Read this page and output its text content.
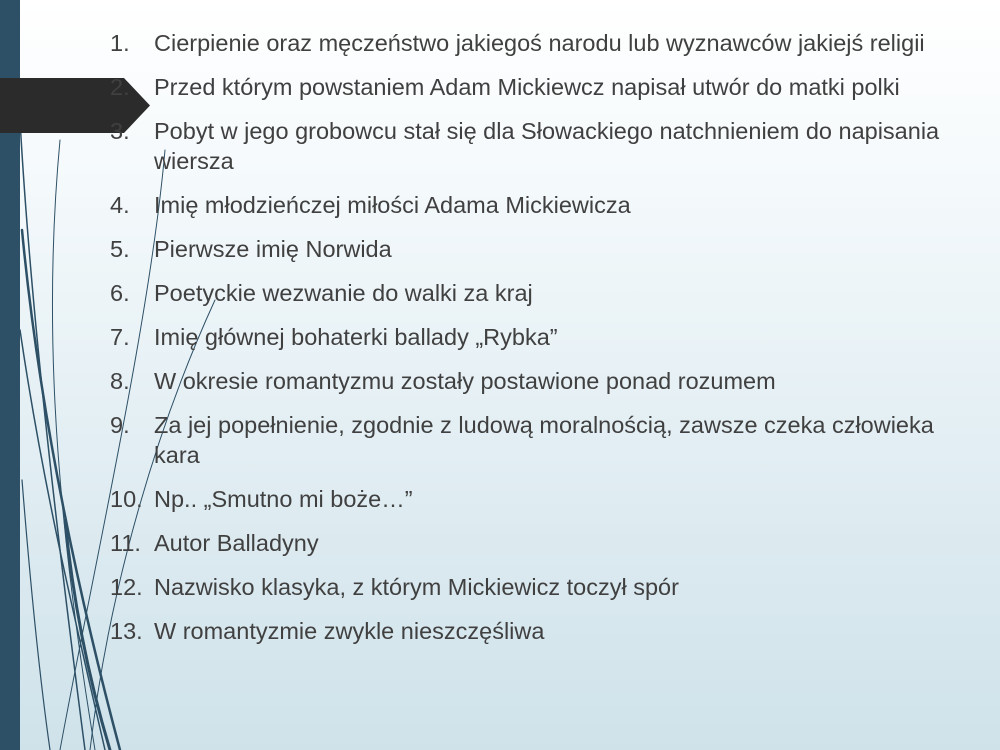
1.	Cierpienie oraz męczeństwo jakiegoś narodu lub wyznawców jakiejś religii
2.	Przed którym powstaniem Adam Mickiewcz napisał utwór do matki polki
3.	Pobyt w jego grobowcu stał się dla Słowackiego natchnieniem do napisania wiersza
4.	Imię młodzieńczej miłości Adama Mickiewicza
5.	Pierwsze imię Norwida
6.	Poetyckie wezwanie do walki za kraj
7.	Imię głównej bohaterki ballady „Rybka”
8.	W okresie romantyzmu zostały postawione ponad rozumem
9.	Za jej popełnienie, zgodnie z ludową moralnością, zawsze czeka człowieka kara
10. Np.. „Smutno mi boże…”
11. Autor Balladyny
12. Nazwisko klasyka, z którym Mickiewicz toczył spór
13. W romantyzmie zwykle nieszczęśliwa
